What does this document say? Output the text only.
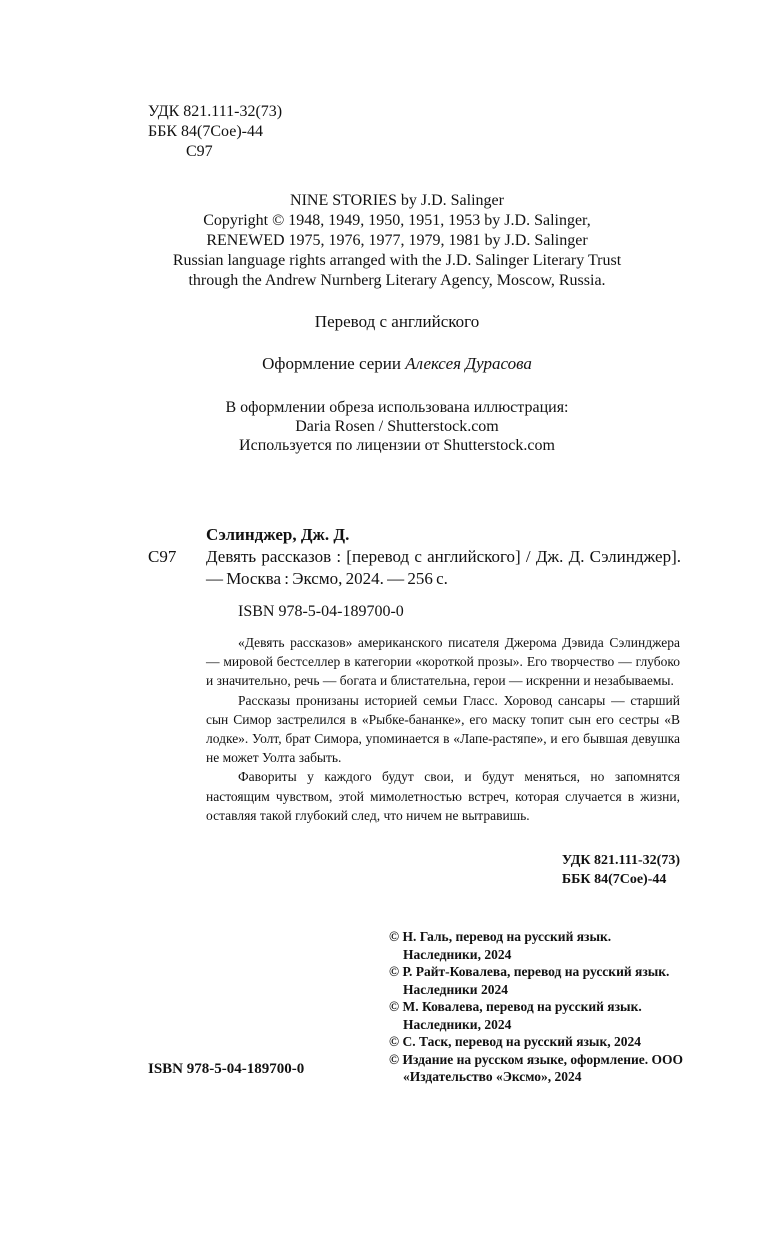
УДК 821.111-32(73)
ББК 84(7Сое)-44
С97
NINE STORIES by J.D. Salinger
Copyright © 1948, 1949, 1950, 1951, 1953 by J.D. Salinger,
RENEWED 1975, 1976, 1977, 1979, 1981 by J.D. Salinger
Russian language rights arranged with the J.D. Salinger Literary Trust
through the Andrew Nurnberg Literary Agency, Moscow, Russia.
Перевод с английского
Оформление серии Алексея Дурасова
В оформлении обреза использована иллюстрация:
Daria Rosen / Shutterstock.com
Используется по лицензии от Shutterstock.com
Сэлинджер, Дж. Д.
С97 Девять рассказов : [перевод с английского] / Дж. Д. Сэлинджер]. — Москва : Эксмо, 2024. — 256 с.
ISBN 978-5-04-189700-0

«Девять рассказов» американского писателя Джерома Дэвида Сэлинджера — мировой бестселлер в категории «короткой прозы». Его творчество — глубоко и значительно, речь — богата и блистательна, герои — искренни и незабываемы.

Рассказы пронизаны историей семьи Гласс. Хоровод сансары — старший сын Симор застрелился в «Рыбке-бананке», его маску топит сын его сестры «В лодке». Уолт, брат Симора, упоминается в «Лапе-растяпе», и его бывшая девушка не может Уолта забыть.

Фавориты у каждого будут свои, и будут меняться, но запомнятся настоящим чувством, этой мимолетностью встреч, которая случается в жизни, оставляя такой глубокий след, что ничем не вытравишь.

УДК 821.111-32(73)
ББК 84(7Сое)-44
© Н. Галь, перевод на русский язык. Наследники, 2024
© Р. Райт-Ковалева, перевод на русский язык. Наследники 2024
© М. Ковалева, перевод на русский язык. Наследники, 2024
© С. Таск, перевод на русский язык, 2024
© Издание на русском языке, оформление. ООО «Издательство «Эксмо», 2024
ISBN 978-5-04-189700-0
